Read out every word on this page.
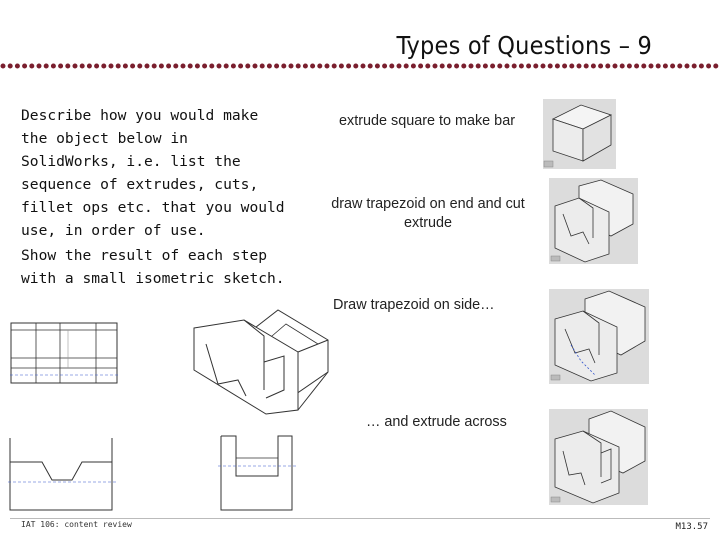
Types of Questions – 9
Describe how you would make the object below in SolidWorks, i.e. list the sequence of extrudes, cuts, fillet ops etc. that you would use, in order of use.
Show the result of each step with a small isometric sketch.
extrude square to make bar
draw trapezoid on end and cut extrude
Draw trapezoid on side…
… and extrude across
IAT 106: content review	M13.57
